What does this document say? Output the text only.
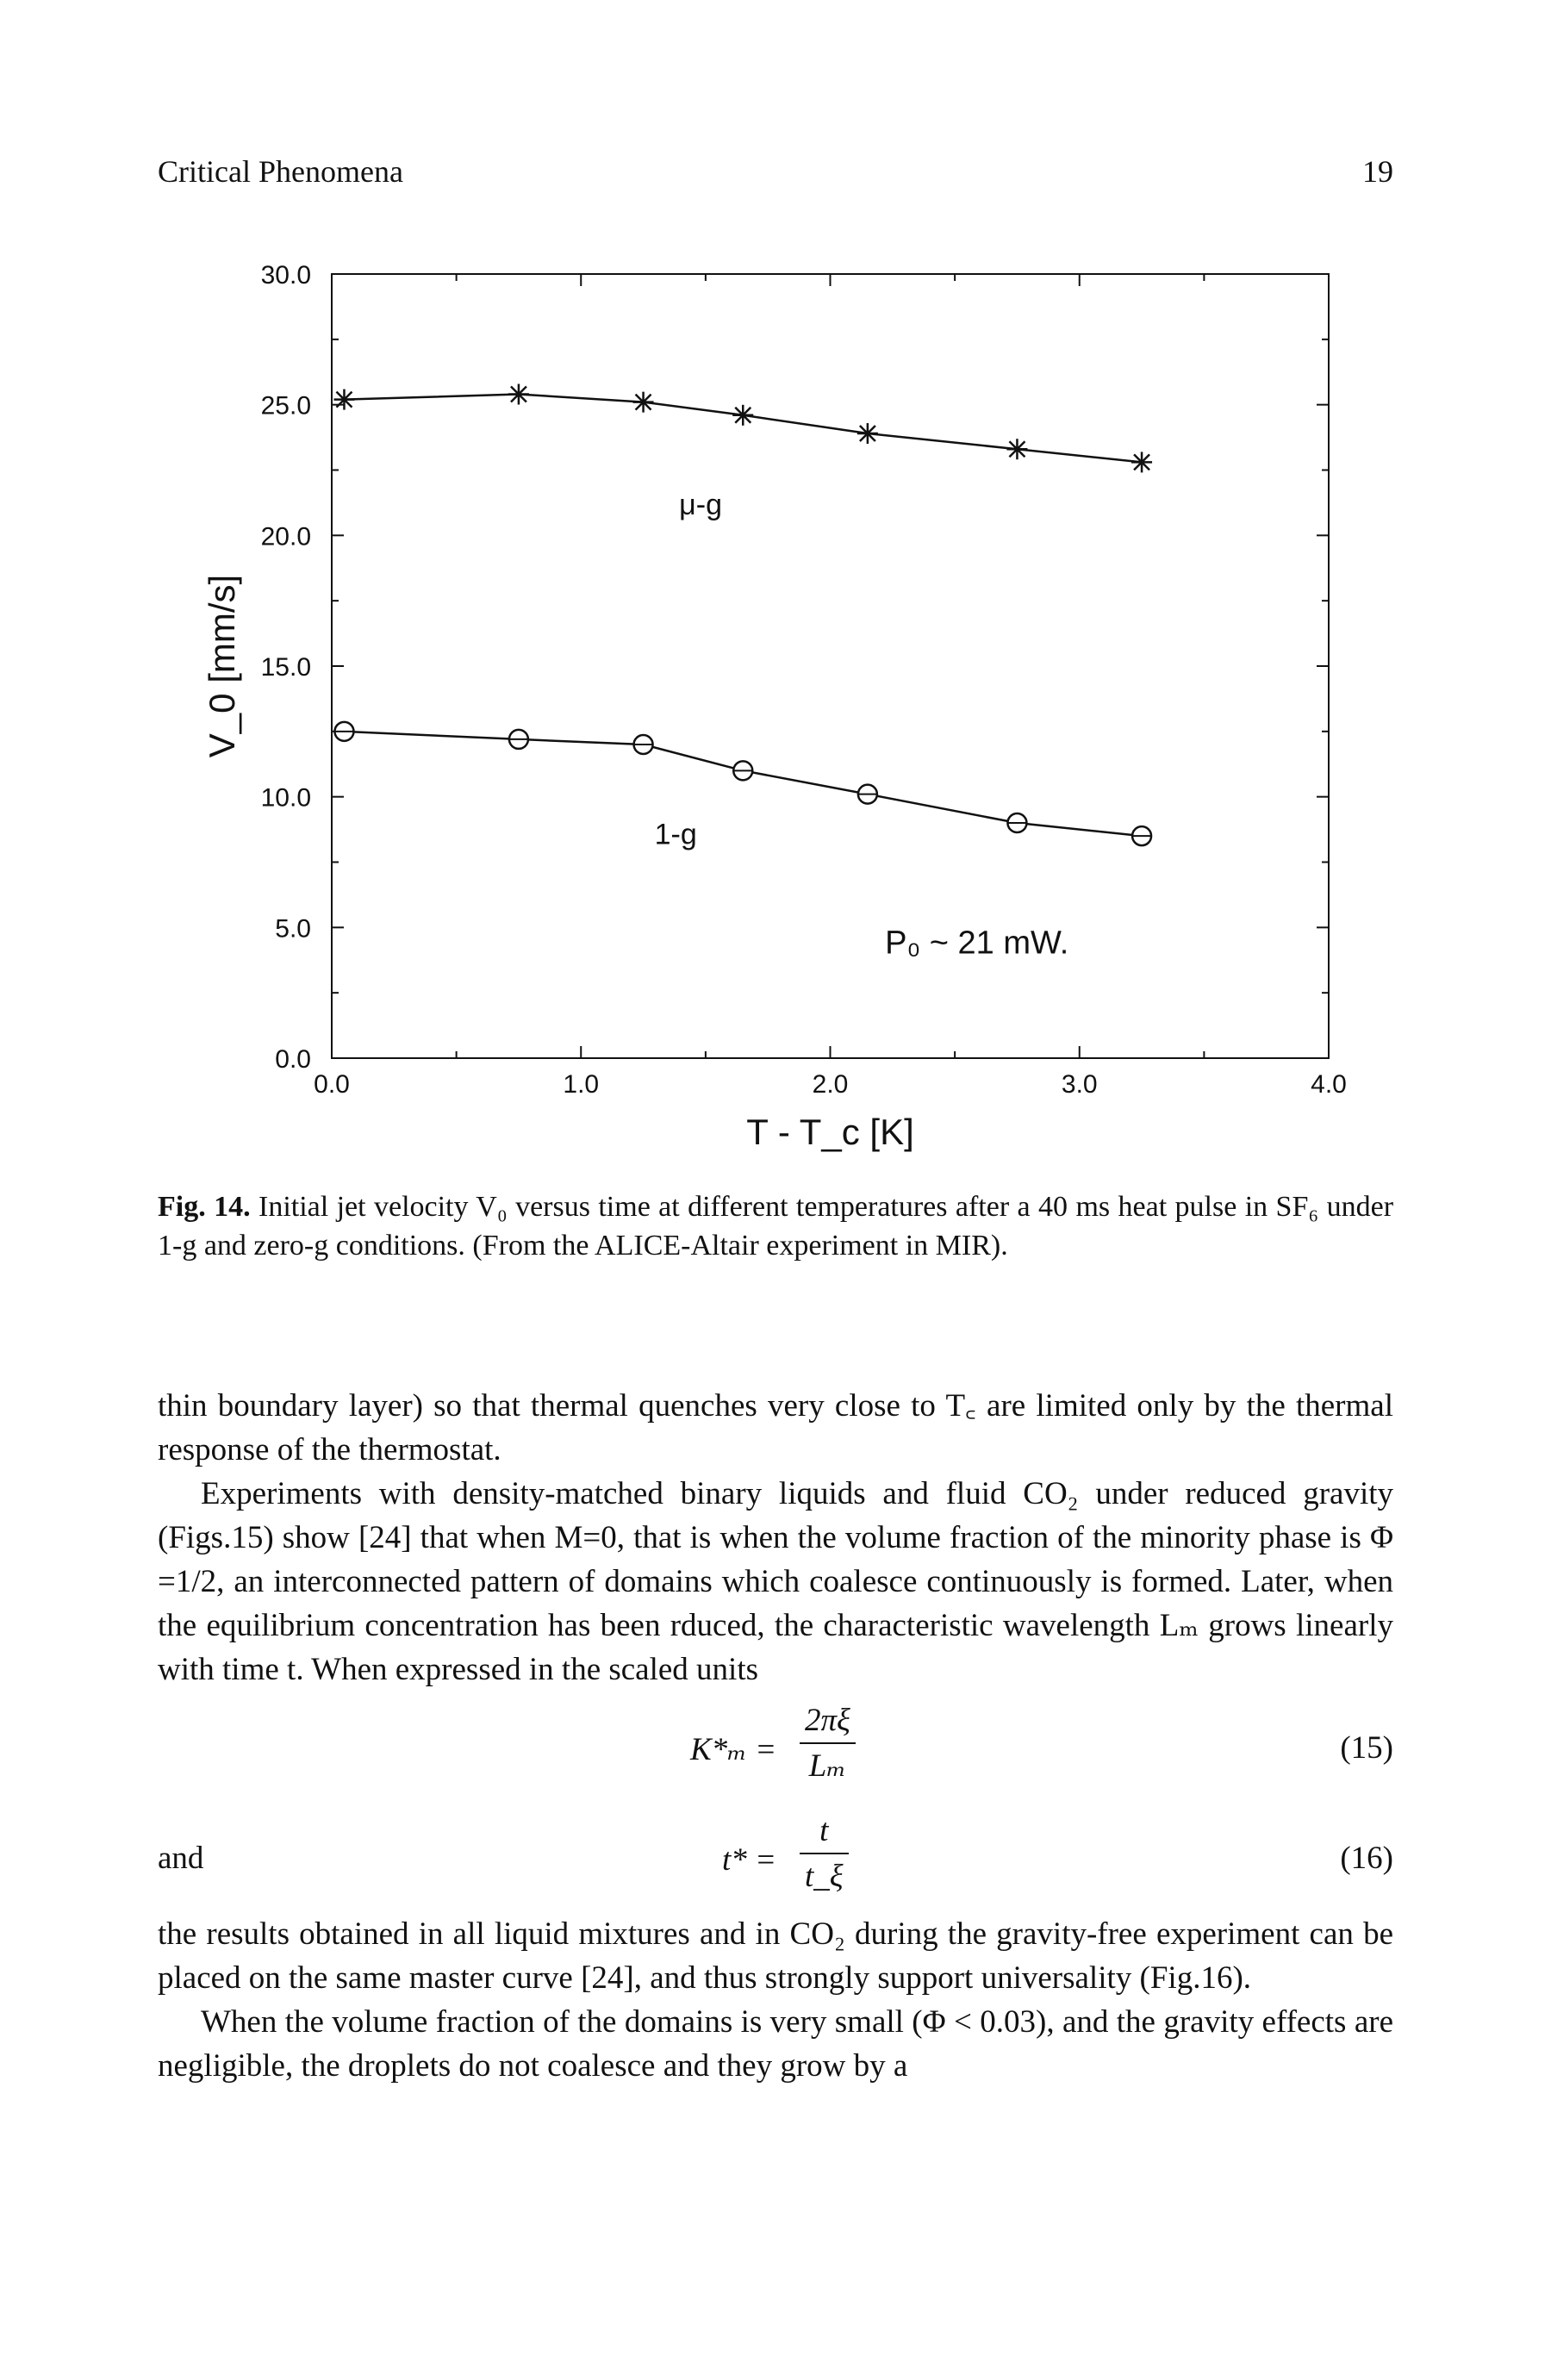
Critical Phenomena	19
0.0
5.0
10.0
15.0
20.0
25.0
30.0
0.0	1.0	2.0	3.0	4.0
T - T_c [K]
V_0 [mm/s]
μ-g
1-g
P₀ ~ 21 mW.
Fig. 14. Initial jet velocity V₀ versus time at different temperatures after a 40 ms heat pulse in SF₆ under 1-g and zero-g conditions. (From the ALICE-Altair experiment in MIR).

thin boundary layer) so that thermal quenches very close to T꜀ are limited only by the thermal response of the thermostat.

Experiments with density-matched binary liquids and fluid CO₂ under reduced gravity (Figs.15) show [24] that when M=0, that is when the volume fraction of the minority phase is Φ =1/2, an interconnected pattern of domains which coalesce continuously is formed. Later, when the equilibrium concentration has been rduced, the characteristic wavelength Lₘ grows linearly with time t. When expressed in the scaled units

$K*_m = \frac{2\pi\xi}{\text{Lₘ}}$	(15)
and	$t* = \frac{t}{t\_\xi}$	(16)

the results obtained in all liquid mixtures and in CO₂ during the gravity-free experiment can be placed on the same master curve [24], and thus strongly support universality (Fig.16).

When the volume fraction of the domains is very small (Φ < 0.03), and the gravity effects are negligible, the droplets do not coalesce and they grow by a
